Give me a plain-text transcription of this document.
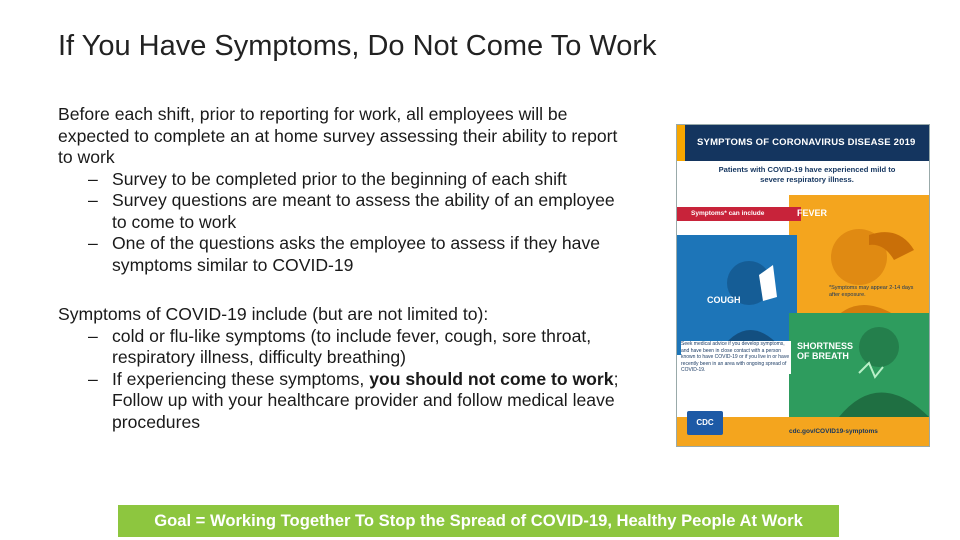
If You Have Symptoms, Do Not Come To Work

Before each shift, prior to reporting for work, all employees will be expected to complete an at home survey assessing their ability to report to work

– Survey to be completed prior to the beginning of each shift

– Survey questions are meant to assess the ability of an employee to come to work

– One of the questions asks the employee to assess if they have symptoms similar to COVID-19

Symptoms of COVID-19 include (but are not limited to):

– cold or flu-like symptoms (to include fever, cough, sore throat, respiratory illness, difficulty breathing)

– If experiencing these symptoms, you should not come to work; Follow up with your healthcare provider and follow medical leave procedures

SYMPTOMS OF CORONAVIRUS DISEASE 2019
Patients with COVID-19 have experienced mild to severe respiratory illness.
Symptoms* can include	FEVER
COUGH
SHORTNESS OF BREATH
*Symptoms may appear 2-14 days after exposure.
Seek medical advice if you develop symptoms, and have been in close contact with a person known to have COVID-19 or if you live in or have recently been in an area with ongoing spread of COVID-19.
CDC
cdc.gov/COVID19-symptoms
Goal = Working Together To Stop the Spread of COVID-19, Healthy People At Work
